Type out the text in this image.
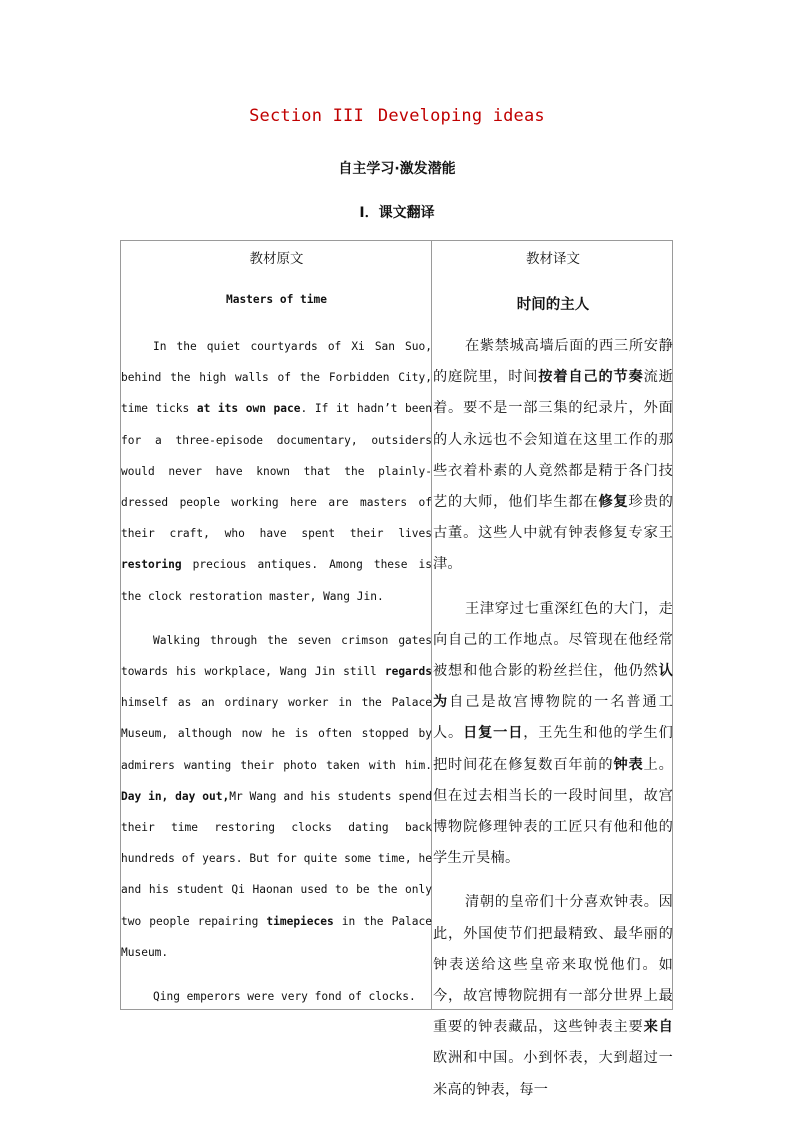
Section III Developing ideas
自主学习·激发潜能
I．课文翻译
教材原文
Masters of time

In the quiet courtyards of Xi San Suo, behind the high walls of the Forbidden City, time ticks at its own pace. If it hadn’t been for a three-episode documentary, outsiders would never have known that the plainly-dressed people working here are masters of their craft, who have spent their lives restoring precious antiques. Among these is the clock restoration master, Wang Jin.

Walking through the seven crimson gates towards his workplace, Wang Jin still regards himself as an ordinary worker in the Palace Museum, although now he is often stopped by admirers wanting their photo taken with him. Day in, day out,Mr Wang and his students spend their time restoring clocks dating back hundreds of years. But for quite some time, he and his student Qi Haonan used to be the only two people repairing timepieces in the Palace Museum.

Qing emperors were very fond of clocks.

教材译文
时间的主人

在紫禁城高墙后面的西三所安静的庭院里，时间按着自己的节奏流逝着。要不是一部三集的纪录片，外面的人永远也不会知道在这里工作的那些衣着朴素的人竟然都是精于各门技艺的大师，他们毕生都在修复珍贵的古董。这些人中就有钟表修复专家王津。

王津穿过七重深红色的大门，走向自己的工作地点。尽管现在他经常被想和他合影的粉丝拦住，他仍然认为自己是故宫博物院的一名普通工人。日复一日，王先生和他的学生们把时间花在修复数百年前的钟表上。但在过去相当长的一段时间里，故宫博物院修理钟表的工匠只有他和他的学生亓昊楠。

清朝的皇帝们十分喜欢钟表。因此，外国使节们把最精致、最华丽的钟表送给这些皇帝来取悦他们。如今，故宫博物院拥有一部分世界上最重要的钟表藏品，这些钟表主要来自欧洲和中国。小到怀表，大到超过一米高的钟表，每一
